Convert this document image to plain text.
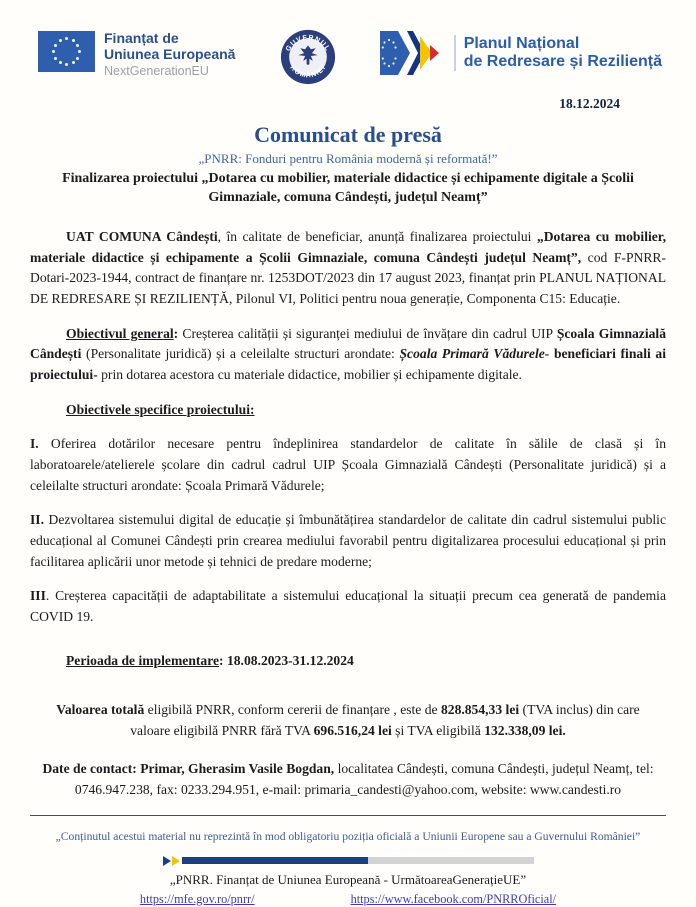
Finanțat de
Uniunea Europeană
NextGenerationEU
GUVERNUL
ROMÂNIEI
Planul Național
de Redresare și Reziliență
18.12.2024
Comunicat de presă
„PNRR: Fonduri pentru România modernă și reformată!”
Finalizarea proiectului „Dotarea cu mobilier, materiale didactice și echipamente digitale a Școlii Gimnaziale, comuna Cândești, județul Neamț”

UAT COMUNA Cândești, în calitate de beneficiar, anunță finalizarea proiectului „Dotarea cu mobilier, materiale didactice și echipamente a Școlii Gimnaziale, comuna Cândești județul Neamț”, cod F-PNRR-Dotari-2023-1944, contract de finanțare nr. 1253DOT/2023 din 17 august 2023, finanțat prin PLANUL NAȚIONAL DE REDRESARE ȘI REZILIENȚĂ, Pilonul VI, Politici pentru noua generație, Componenta C15: Educație.

Obiectivul general: Creșterea calității și siguranței mediului de învățare din cadrul UIP Școala Gimnazială Cândești (Personalitate juridică) și a celeilalte structuri arondate: Școala Primară Vădurele- beneficiari finali ai proiectului- prin dotarea acestora cu materiale didactice, mobilier și echipamente digitale.

Obiectivele specifice proiectului:

I. Oferirea dotărilor necesare pentru îndeplinirea standardelor de calitate în sălile de clasă și în laboratoarele/atelierele școlare din cadrul cadrul UIP Școala Gimnazială Cândești (Personalitate juridică) și a celeilalte structuri arondate: Școala Primară Vădurele;

II. Dezvoltarea sistemului digital de educație și îmbunătățirea standardelor de calitate din cadrul sistemului public educațional al Comunei Cândești prin crearea mediului favorabil pentru digitalizarea procesului educațional și prin facilitarea aplicării unor metode și tehnici de predare moderne;

III. Creșterea capacității de adaptabilitate a sistemului educațional la situații precum cea generată de pandemia COVID 19.

Perioada de implementare: 18.08.2023-31.12.2024

Valoarea totală eligibilă PNRR, conform cererii de finanțare , este de 828.854,33 lei (TVA inclus) din care valoare eligibilă PNRR fără TVA 696.516,24 lei și TVA eligibilă 132.338,09 lei.

Date de contact: Primar, Gherasim Vasile Bogdan, localitatea Cândești, comuna Cândești, județul Neamț, tel: 0746.947.238, fax: 0233.294.951, e-mail: primaria_candesti@yahoo.com, website: www.candesti.ro

„Conținutul acestui material nu reprezintă în mod obligatoriu poziția oficială a Uniunii Europene sau a Guvernului României”
„PNRR. Finanțat de Uniunea Europeană - UrmătoareaGenerațieUE”
https://mfe.gov.ro/pnrr/	https://www.facebook.com/PNRROficial/
